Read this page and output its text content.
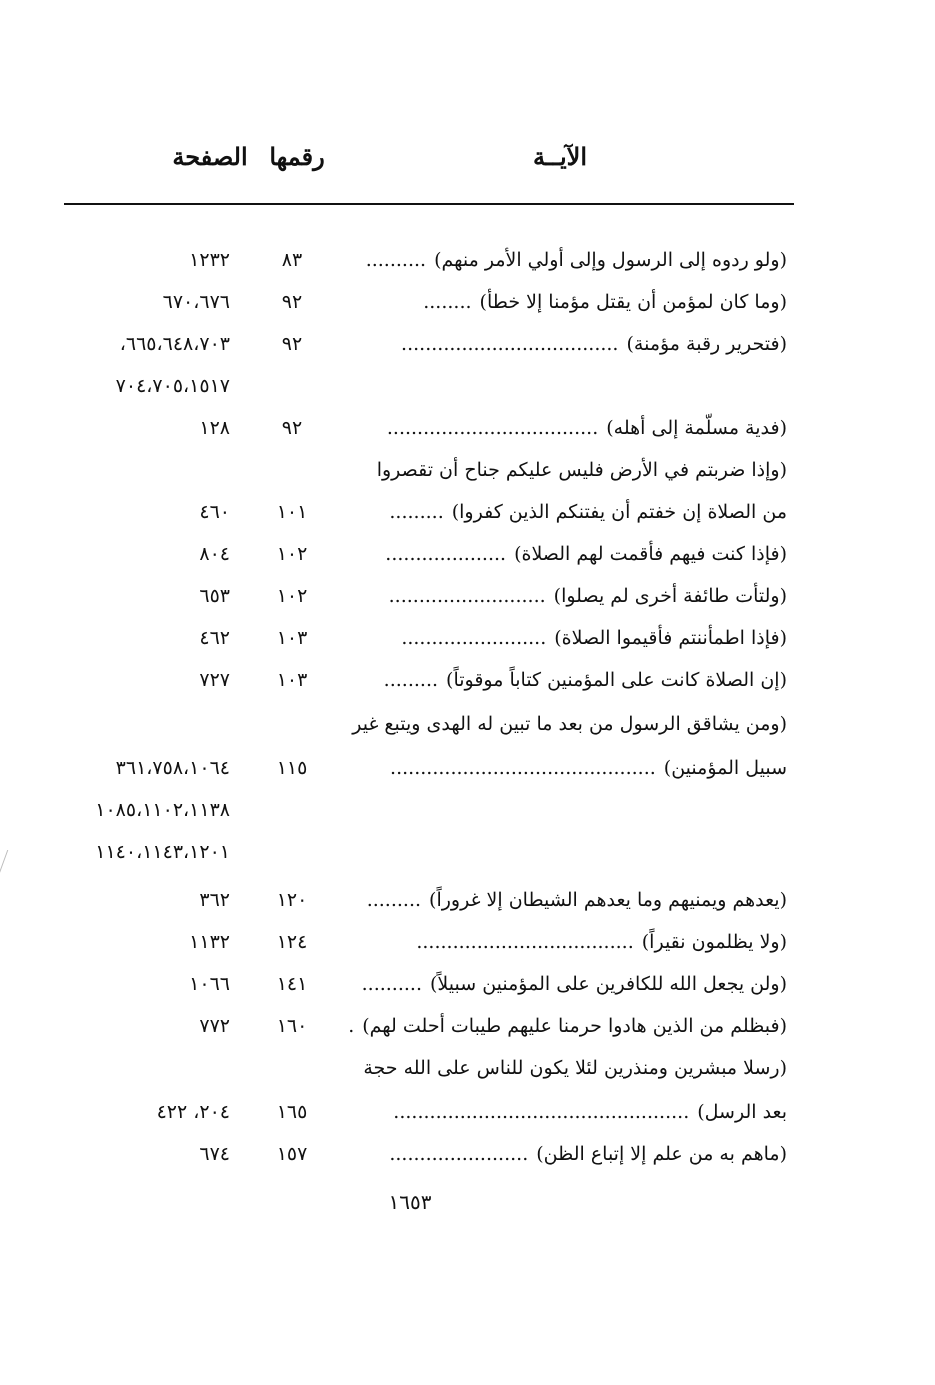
الآيــة
رقمها
الصفحة
(ولو ردوه إلى الرسول وإلى أولي الأمر منهم)..........
٨٣
١٢٣٢
(وما كان لمؤمن أن يقتل مؤمنا إلا خطأ)........
٩٢
٦٧٠،٦٧٦
(فتحرير رقبة مؤمنة)....................................
٩٢
٦٦٥،٦٤٨،٧٠٣،
٧٠٤،٧٠٥،١٥١٧
(فدية مسلّمة إلى أهله)...................................
٩٢
١٢٨
(وإذا ضربتم في الأرض فليس عليكم جناح أن تقصروا
من الصلاة إن خفتم أن يفتنكم الذين كفروا).........
١٠١
٤٦٠
(فإذا كنت فيهم فأقمت لهم الصلاة)....................
١٠٢
٨٠٤
(ولتأت طائفة أخرى لم يصلوا)..........................
١٠٢
٦٥٣
(فإذا اطمأننتم فأقيموا الصلاة)........................
١٠٣
٤٦٢
(إن الصلاة كانت على المؤمنين كتاباً موقوتاً).........
١٠٣
٧٢٧
(ومن يشاقق الرسول من بعد ما تبين له الهدى ويتبع غير
سبيل المؤمنين)............................................
١١٥
٣٦١،٧٥٨،١٠٦٤
١٠٨٥،١١٠٢،١١٣٨
١١٤٠،١١٤٣،١٢٠١
(يعدهم ويمنيهم وما يعدهم الشيطان إلا غروراً).........
١٢٠
٣٦٢
(ولا يظلمون نقيراً)....................................
١٢٤
١١٣٢
(ولن يجعل الله للكافرين على المؤمنين سبيلاً)..........
١٤١
١٠٦٦
(فبظلم من الذين هادوا حرمنا عليهم طيبات أحلت لهم).
١٦٠
٧٧٢
(رسلا مبشرين ومنذرين لئلا يكون للناس على الله حجة
بعد الرسل).................................................
١٦٥
٢٠٤، ٤٢٢
(ماهم به من علم إلا إتباع الظن).......................
١٥٧
٦٧٤
١٦٥٣
